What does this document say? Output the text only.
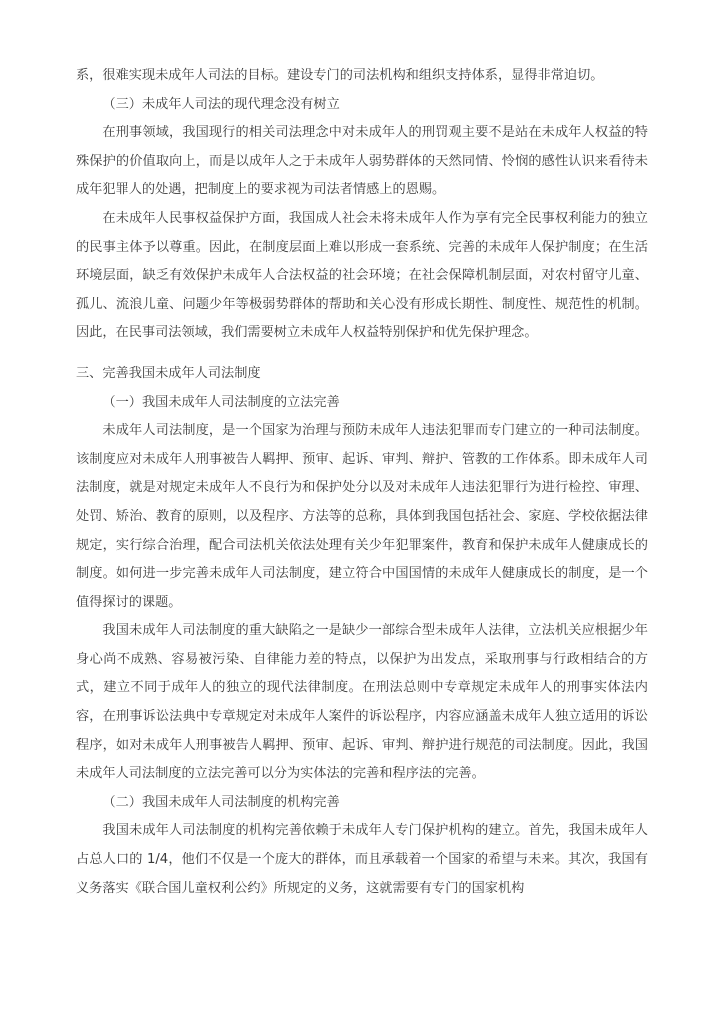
系，很难实现未成年人司法的目标。建设专门的司法机构和组织支持体系，显得非常迫切。

（三）未成年人司法的现代理念没有树立

在刑事领域，我国现行的相关司法理念中对未成年人的刑罚观主要不是站在未成年人权益的特殊保护的价值取向上，而是以成年人之于未成年人弱势群体的天然同情、怜悯的感性认识来看待未成年犯罪人的处遇，把制度上的要求视为司法者情感上的恩赐。

在未成年人民事权益保护方面，我国成人社会未将未成年人作为享有完全民事权利能力的独立的民事主体予以尊重。因此，在制度层面上难以形成一套系统、完善的未成年人保护制度；在生活环境层面，缺乏有效保护未成年人合法权益的社会环境；在社会保障机制层面，对农村留守儿童、孤儿、流浪儿童、问题少年等极弱势群体的帮助和关心没有形成长期性、制度性、规范性的机制。因此，在民事司法领域，我们需要树立未成年人权益特别保护和优先保护理念。

三、完善我国未成年人司法制度

（一）我国未成年人司法制度的立法完善

未成年人司法制度，是一个国家为治理与预防未成年人违法犯罪而专门建立的一种司法制度。该制度应对未成年人刑事被告人羁押、预审、起诉、审判、辩护、管教的工作体系。即未成年人司法制度，就是对规定未成年人不良行为和保护处分以及对未成年人违法犯罪行为进行检控、审理、处罚、矫治、教育的原则，以及程序、方法等的总称，具体到我国包括社会、家庭、学校依据法律规定，实行综合治理，配合司法机关依法处理有关少年犯罪案件，教育和保护未成年人健康成长的制度。如何进一步完善未成年人司法制度，建立符合中国国情的未成年人健康成长的制度，是一个值得探讨的课题。

我国未成年人司法制度的重大缺陷之一是缺少一部综合型未成年人法律，立法机关应根据少年身心尚不成熟、容易被污染、自律能力差的特点，以保护为出发点，采取刑事与行政相结合的方式，建立不同于成年人的独立的现代法律制度。在刑法总则中专章规定未成年人的刑事实体法内容，在刑事诉讼法典中专章规定对未成年人案件的诉讼程序，内容应涵盖未成年人独立适用的诉讼程序，如对未成年人刑事被告人羁押、预审、起诉、审判、辩护进行规范的司法制度。因此，我国未成年人司法制度的立法完善可以分为实体法的完善和程序法的完善。

（二）我国未成年人司法制度的机构完善

我国未成年人司法制度的机构完善依赖于未成年人专门保护机构的建立。首先，我国未成年人占总人口的 1/4，他们不仅是一个庞大的群体，而且承载着一个国家的希望与未来。其次，我国有义务落实《联合国儿童权利公约》所规定的义务，这就需要有专门的国家机构
